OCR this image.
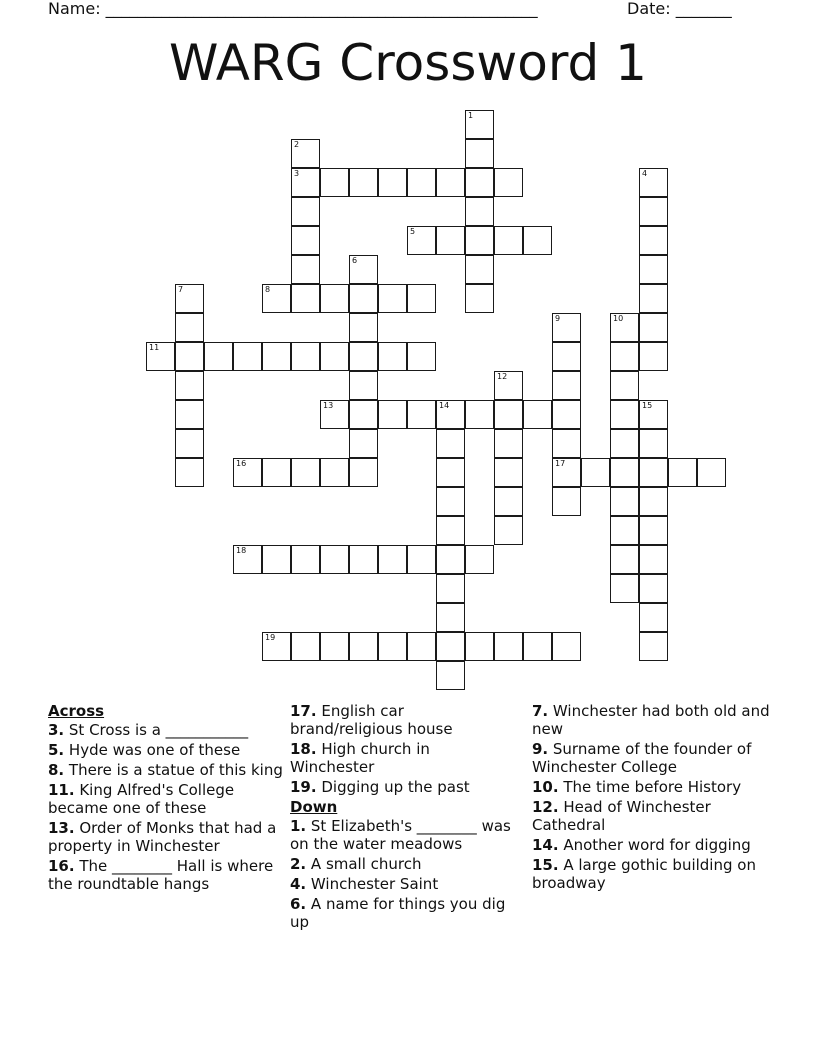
Name: ______________________________________________________	Date: _______
WARG Crossword 1
1
2
3	4
5
6
7	8
9
17
10
11
12
13	14	15
16
18
19
Across
3. St Cross is a ___________
5. Hyde was one of these
8. There is a statue of this king
11. King Alfred's College became one of these
13. Order of Monks that had a property in Winchester
16. The ________ Hall is where the roundtable hangs
17. English car brand/religious house
18. High church in Winchester
19. Digging up the past
Down
1. St Elizabeth's ________ was on the water meadows
2. A small church
4. Winchester Saint
6. A name for things you dig up
7. Winchester had both old and new
9. Surname of the founder of Winchester College
10. The time before History
12. Head of Winchester Cathedral
14. Another word for digging
15. A large gothic building on broadway
